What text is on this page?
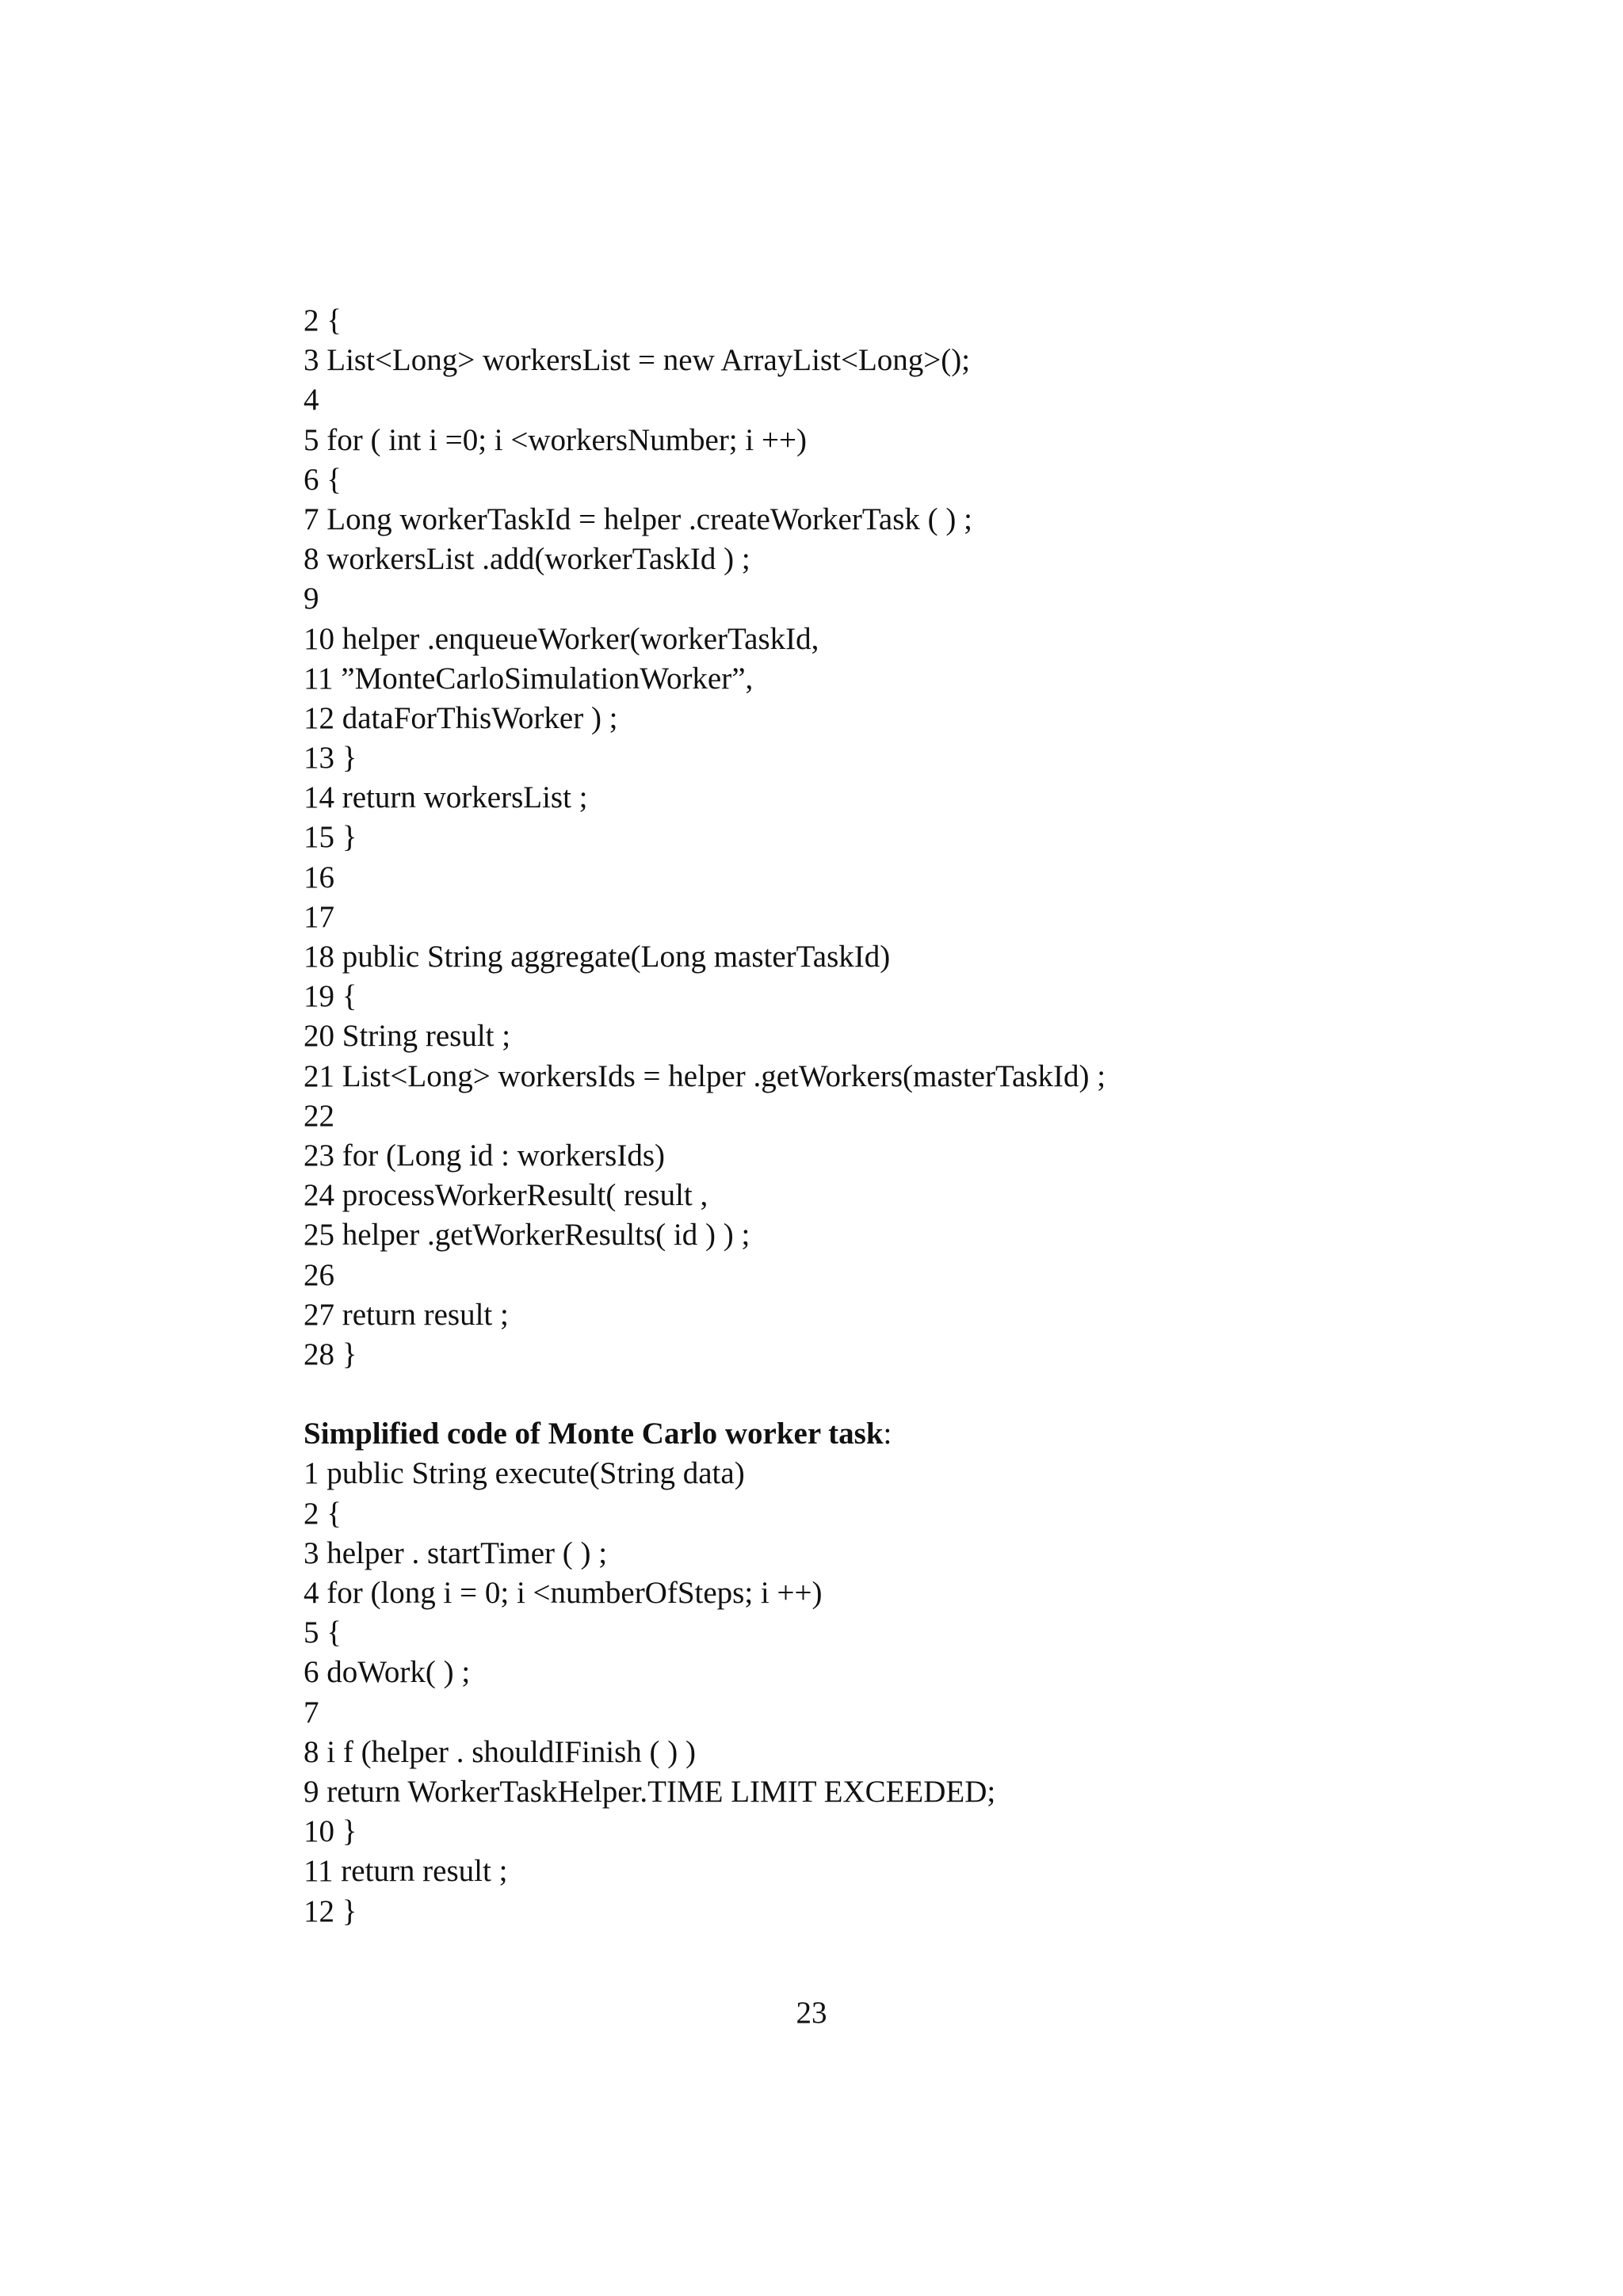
2 {
3 List<Long> workersList = new ArrayList<Long>();
4
5 for ( int i =0; i <workersNumber; i ++)
6 {
7 Long workerTaskId = helper .createWorkerTask ( ) ;
8 workersList .add(workerTaskId ) ;
9
10 helper .enqueueWorker(workerTaskId,
11 ”MonteCarloSimulationWorker”,
12 dataForThisWorker ) ;
13 }
14 return workersList ;
15 }
16
17
18 public String aggregate(Long masterTaskId)
19 {
20 String result ;
21 List<Long> workersIds = helper .getWorkers(masterTaskId) ;
22
23 for (Long id : workersIds)
24 processWorkerResult( result ,
25 helper .getWorkerResults( id ) ) ;
26
27 return result ;
28 }
Simplified code of Monte Carlo worker task:
1 public String execute(String data)
2 {
3 helper . startTimer ( ) ;
4 for (long i = 0; i <numberOfSteps; i ++)
5 {
6 doWork( ) ;
7
8 i f (helper . shouldIFinish ( ) )
9 return WorkerTaskHelper.TIME LIMIT EXCEEDED;
10 }
11 return result ;
12 }
23
